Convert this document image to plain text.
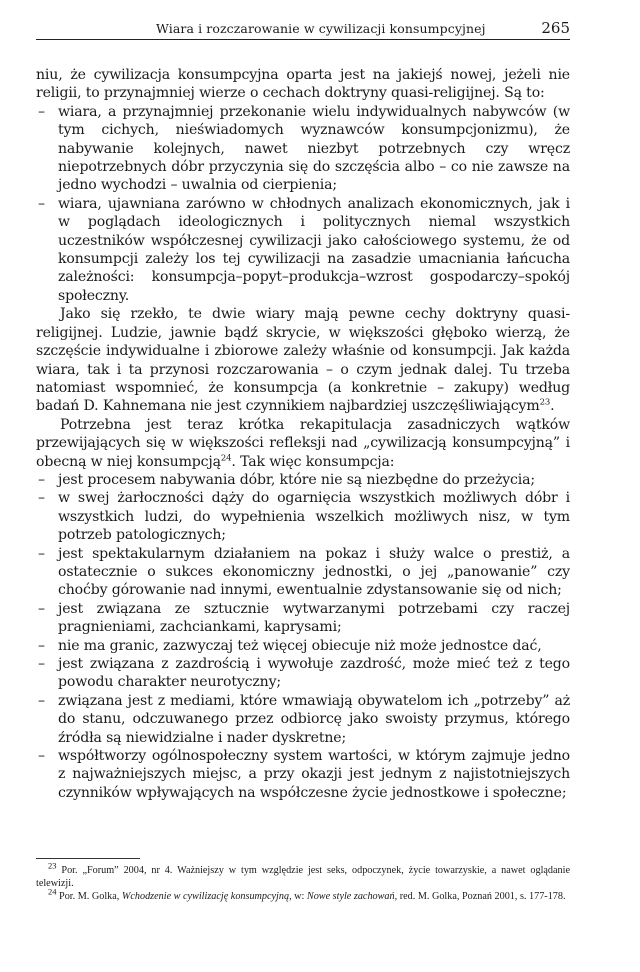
Wiara i rozczarowanie w cywilizacji konsumpcyjnej	265

niu, że cywilizacja konsumpcyjna oparta jest na jakiejś nowej, jeżeli nie religii, to przynajmniej wierze o cechach doktryny quasi-religijnej. Są to:

– wiara, a przynajmniej przekonanie wielu indywidualnych nabywców (w tym cichych, nieświadomych wyznawców konsumpcjonizmu), że nabywanie kolejnych, nawet niezbyt potrzebnych czy wręcz niepotrzebnych dóbr przyczynia się do szczęścia albo – co nie zawsze na jedno wychodzi – uwalnia od cierpienia;
– wiara, ujawniana zarówno w chłodnych analizach ekonomicznych, jak i w poglądach ideologicznych i politycznych niemal wszystkich uczestników współczesnej cywilizacji jako całościowego systemu, że od konsumpcji zależy los tej cywilizacji na zasadzie umacniania łańcucha zależności: konsumpcja–popyt–produkcja–wzrost gospodarczy–spokój społeczny.

Jako się rzekło, te dwie wiary mają pewne cechy doktryny quasi-religijnej. Ludzie, jawnie bądź skrycie, w większości głęboko wierzą, że szczęście indywidualne i zbiorowe zależy właśnie od konsumpcji. Jak każda wiara, tak i ta przynosi rozczarowania – o czym jednak dalej. Tu trzeba natomiast wspomnieć, że konsumpcja (a konkretnie – zakupy) według badań D. Kahnemana nie jest czynnikiem najbardziej uszczęśliwiającym$^{23}$.

Potrzebna jest teraz krótka rekapitulacja zasadniczych wątków przewijających się w większości refleksji nad „cywilizacją konsumpcyjną” i obecną w niej konsumpcją$^{24}$. Tak więc konsumpcja:

– jest procesem nabywania dóbr, które nie są niezbędne do przeżycia;
– w swej żarłoczności dąży do ogarnięcia wszystkich możliwych dóbr i wszystkich ludzi, do wypełnienia wszelkich możliwych nisz, w tym potrzeb patologicznych;
– jest spektakularnym działaniem na pokaz i służy walce o prestiż, a ostatecznie o sukces ekonomiczny jednostki, o jej „panowanie” czy choćby górowanie nad innymi, ewentualnie zdystansowanie się od nich;
– jest związana ze sztucznie wytwarzanymi potrzebami czy raczej pragnieniami, zachciankami, kaprysami;
– nie ma granic, zazwyczaj też więcej obiecuje niż może jednostce dać,
– jest związana z zazdrością i wywołuje zazdrość, może mieć też z tego powodu charakter neurotyczny;
– związana jest z mediami, które wmawiają obywatelom ich „potrzeby” aż do stanu, odczuwanego przez odbiorcę jako swoisty przymus, którego źródła są niewidzialne i nader dyskretne;
– współtworzy ogólnospołeczny system wartości, w którym zajmuje jedno z najważniejszych miejsc, a przy okazji jest jednym z najistotniejszych czynników wpływających na współczesne życie jednostkowe i społeczne;

$^{23}$ Por. „Forum” 2004, nr 4. Ważniejszy w tym względzie jest seks, odpoczynek, życie towarzyskie, a nawet oglądanie telewizji.

$^{24}$ Por. M. Golka, Wchodzenie w cywilizację konsumpcyjną, w: Nowe style zachowań, red. M. Golka, Poznań 2001, s. 177-178.
